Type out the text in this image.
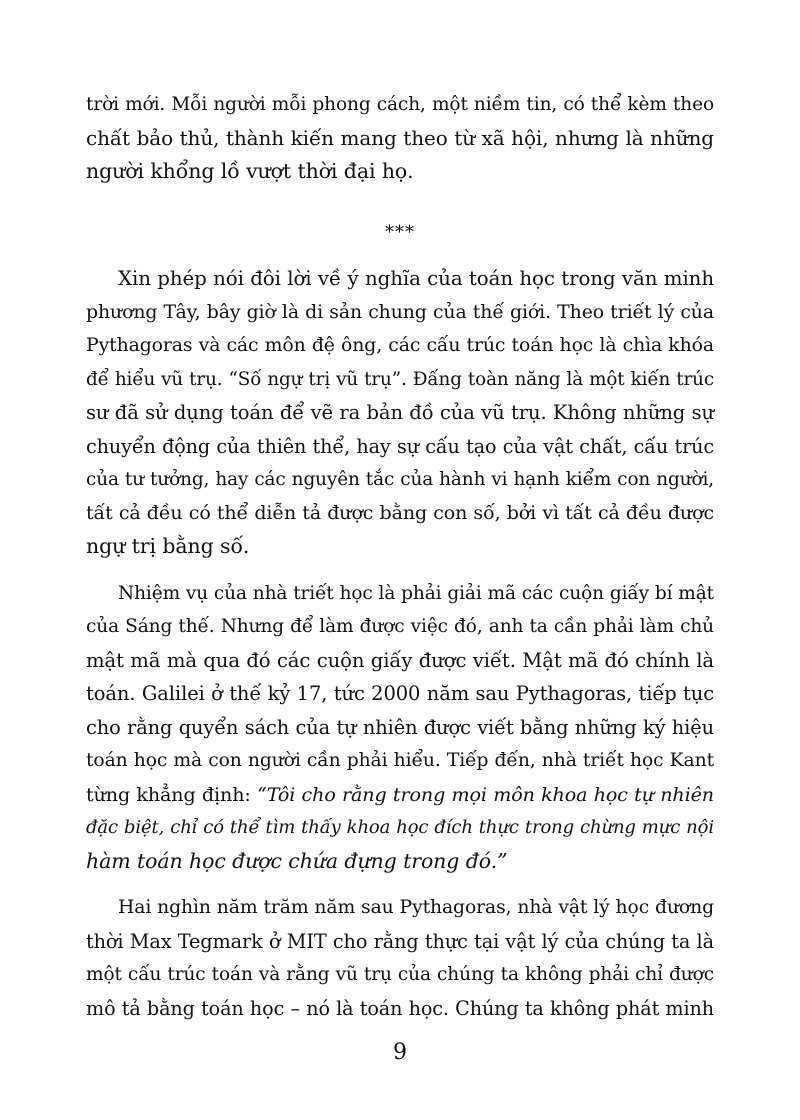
trời mới. Mỗi người mỗi phong cách, một niềm tin, có thể kèm theo
chất bảo thủ, thành kiến mang theo từ xã hội, nhưng là những
người khổng lồ vượt thời đại họ.

***

Xin phép nói đôi lời về ý nghĩa của toán học trong văn minh
phương Tây, bây giờ là di sản chung của thế giới. Theo triết lý của
Pythagoras và các môn đệ ông, các cấu trúc toán học là chìa khóa
để hiểu vũ trụ. “Số ngự trị vũ trụ”. Đấng toàn năng là một kiến trúc
sư đã sử dụng toán để vẽ ra bản đồ của vũ trụ. Không những sự
chuyển động của thiên thể, hay sự cấu tạo của vật chất, cấu trúc
của tư tưởng, hay các nguyên tắc của hành vi hạnh kiểm con người,
tất cả đều có thể diễn tả được bằng con số, bởi vì tất cả đều được
ngự trị bằng số.

Nhiệm vụ của nhà triết học là phải giải mã các cuộn giấy bí mật
của Sáng thế. Nhưng để làm được việc đó, anh ta cần phải làm chủ
mật mã mà qua đó các cuộn giấy được viết. Mật mã đó chính là
toán. Galilei ở thế kỷ 17, tức 2000 năm sau Pythagoras, tiếp tục
cho rằng quyển sách của tự nhiên được viết bằng những ký hiệu
toán học mà con người cần phải hiểu. Tiếp đến, nhà triết học Kant
từng khẳng định: “Tôi cho rằng trong mọi môn khoa học tự nhiên
đặc biệt, chỉ có thể tìm thấy khoa học đích thực trong chừng mực nội
hàm toán học được chứa đựng trong đó.”

Hai nghìn năm trăm năm sau Pythagoras, nhà vật lý học đương
thời Max Tegmark ở MIT cho rằng thực tại vật lý của chúng ta là
một cấu trúc toán và rằng vũ trụ của chúng ta không phải chỉ được
mô tả bằng toán học – nó là toán học. Chúng ta không phát minh

9
